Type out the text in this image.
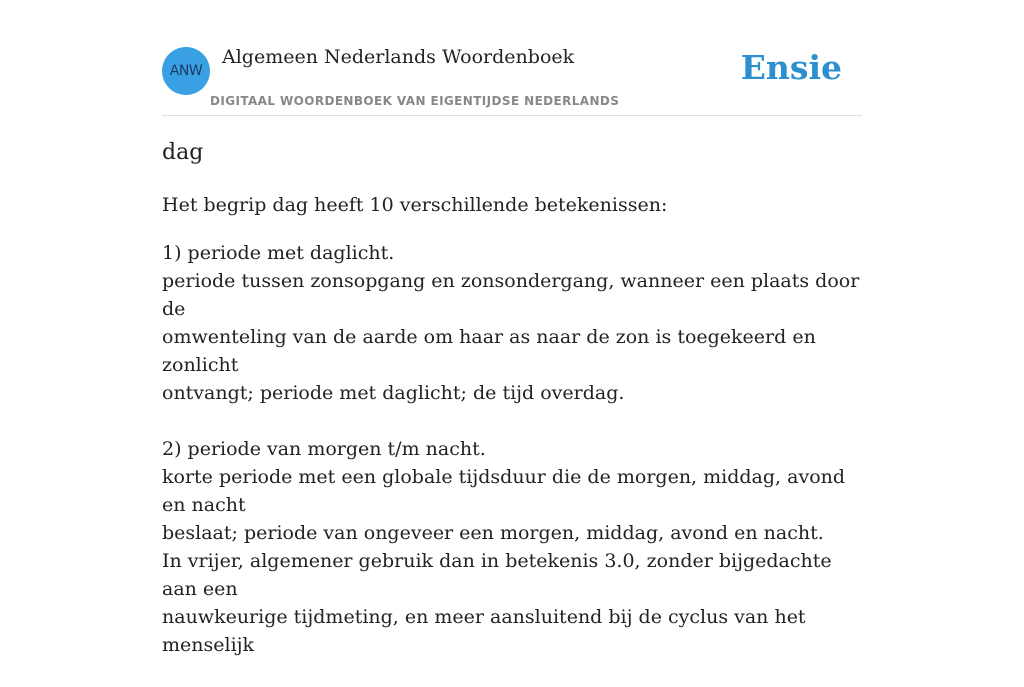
ANW
Algemeen Nederlands Woordenboek
DIGITAAL WOORDENBOEK VAN EIGENTIJDSE NEDERLANDS
Ensie
dag

Het begrip dag heeft 10 verschillende betekenissen:

1) periode met daglicht.
periode tussen zonsopgang en zonsondergang, wanneer een plaats door de
omwenteling van de aarde om haar as naar de zon is toegekeerd en zonlicht
ontvangt; periode met daglicht; de tijd overdag.
2) periode van morgen t/m nacht.
korte periode met een globale tijdsduur die de morgen, middag, avond en nacht
beslaat; periode van ongeveer een morgen, middag, avond en nacht.
In vrijer, algemener gebruik dan in betekenis 3.0, zonder bijgedachte aan een
nauwkeurige tijdmeting, en meer aansluitend bij de cyclus van het menselijk
